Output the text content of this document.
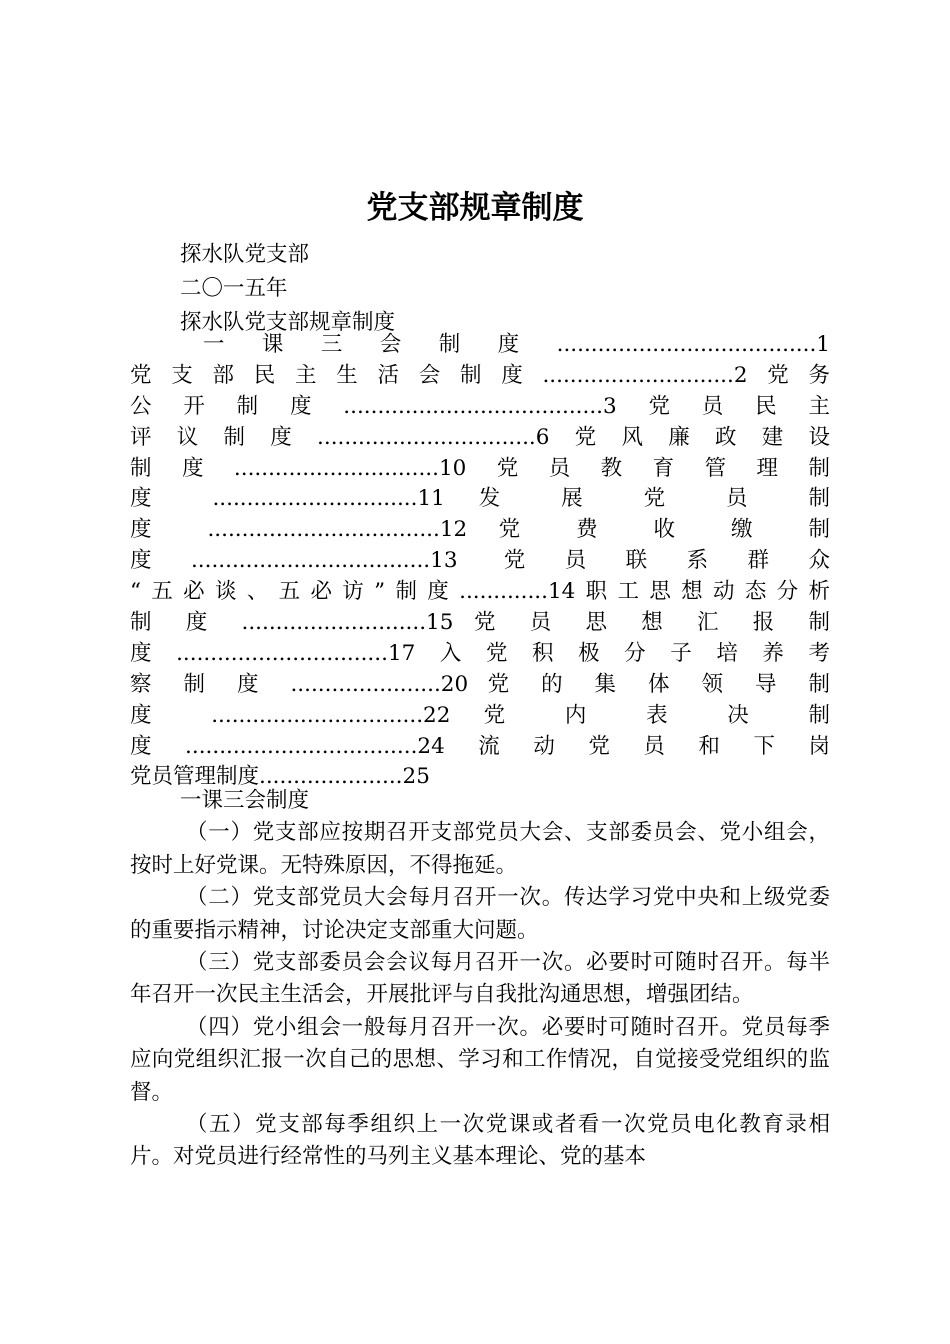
党支部规章制度

探水队党支部

二〇一五年

探水队党支部规章制度

一课三会制度......................................1
党支部民主生活会制度............................2党务
公开制度......................................3党员民主
评议制度................................6党风廉政建设
制度..............................10党员教育管理制
度 ..............................11 发 展 党 员 制
度 ..................................12 党 费 收 缴 制
度...................................13 党员联系群众
“五必谈、五必访”制度.............14职工思想动态分析
制 度 ...........................15 党 员 思 想 汇 报 制
度...............................17入党积极分子培养考
察 制 度 ......................20 党 的 集 体 领 导 制
度 ...............................22 党 内 表 决 制
度..................................24流动党员和下岗
党员管理制度.....................25

一课三会制度

（一）党支部应按期召开支部党员大会、支部委员会、党小组会，按时上好党课。无特殊原因，不得拖延。

（二）党支部党员大会每月召开一次。传达学习党中央和上级党委的重要指示精神，讨论决定支部重大问题。

（三）党支部委员会会议每月召开一次。必要时可随时召开。每半年召开一次民主生活会，开展批评与自我批沟通思想，增强团结。

（四）党小组会一般每月召开一次。必要时可随时召开。党员每季应向党组织汇报一次自己的思想、学习和工作情况，自觉接受党组织的监督。

（五）党支部每季组织上一次党课或者看一次党员电化教育录相片。对党员进行经常性的马列主义基本理论、党的基本
